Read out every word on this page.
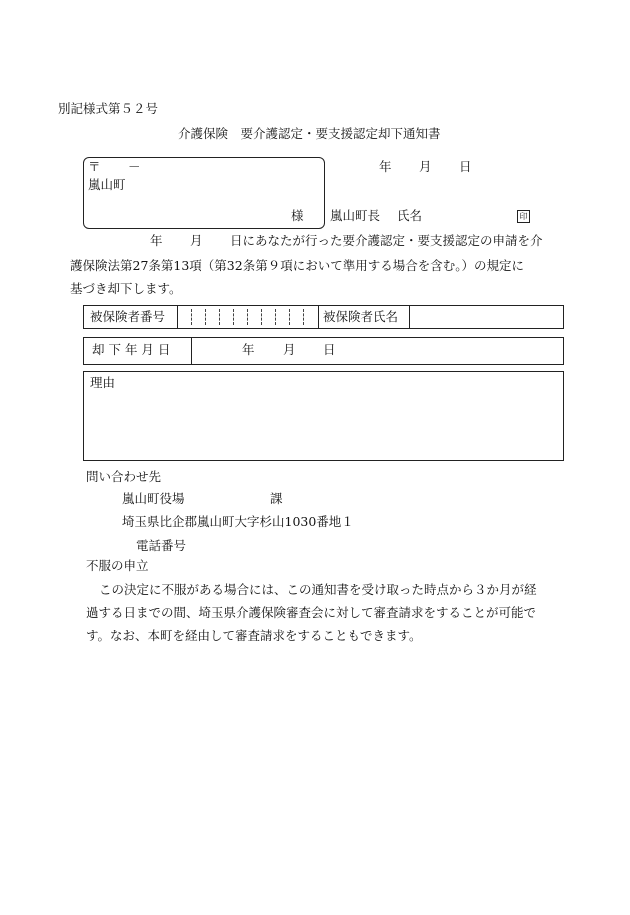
別記様式第５２号
介護保険　要介護認定・要支援認定却下通知書
〒 －
嵐山町
様
年 月 日
嵐山町長 氏名	印
年 月 日にあなたが行った要介護認定・要支援認定の申請を介
護保険法第27条第13項（第32条第９項において準用する場合を含む。）の規定に
基づき却下します。
被保険者番号	被保険者氏名
却 下 年 月 日	年 月 日
理由
問い合わせ先
嵐山町役場	課
埼玉県比企郡嵐山町大字杉山1030番地１
電話番号
不服の申立
この決定に不服がある場合には、この通知書を受け取った時点から３か月が経
過する日までの間、埼玉県介護保険審査会に対して審査請求をすることが可能で
す。なお、本町を経由して審査請求をすることもできます。
